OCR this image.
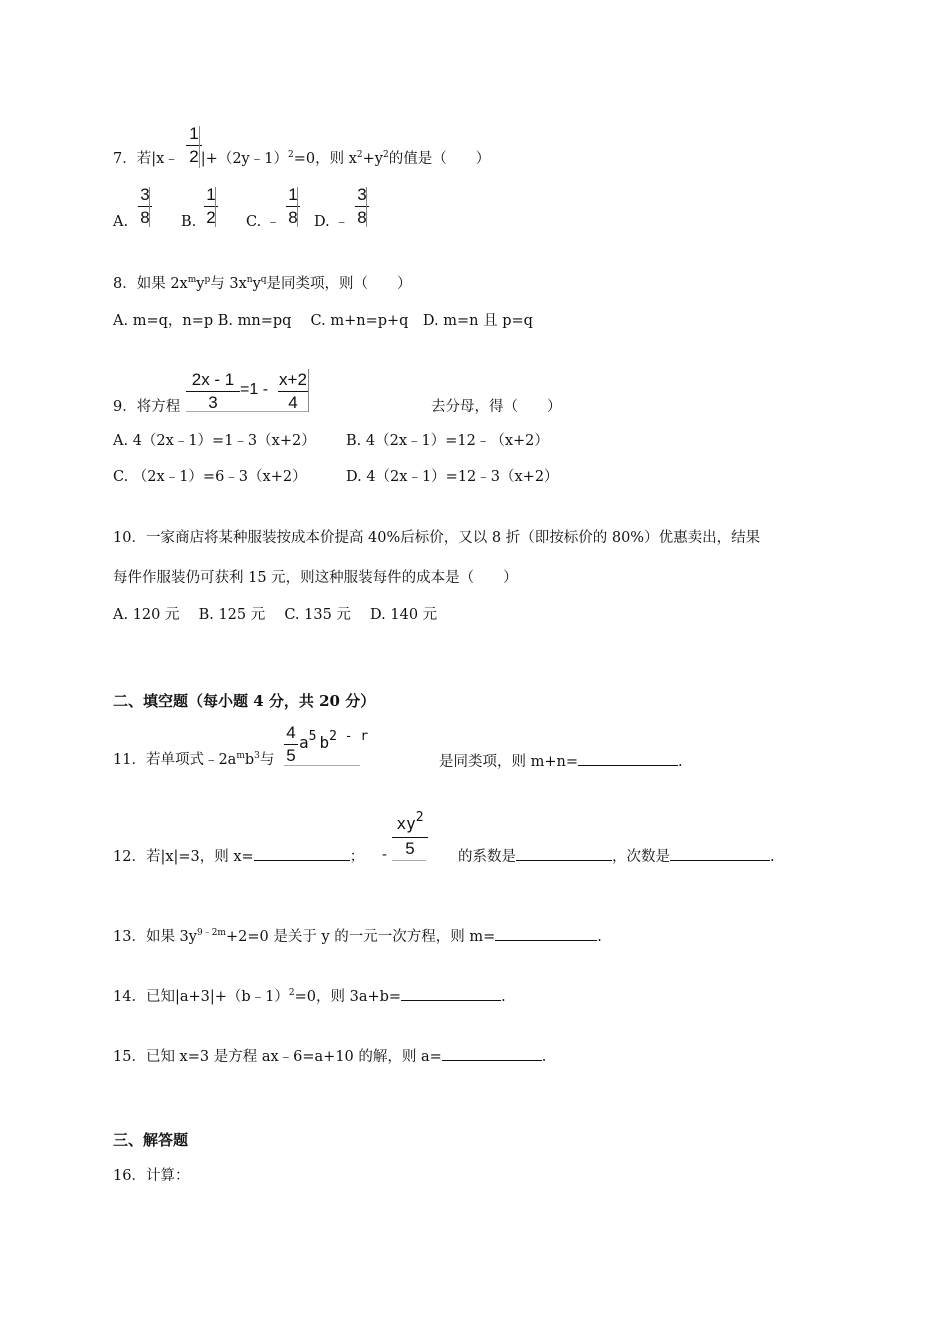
1
2
7．若|x﹣ |+（2y﹣1）$^2$=0，则 $x^2+y^2$的值是（　　）
A.
3
8 B.
1
2 C. ﹣
1
8 D. ﹣
3
8
8．如果 $2x^my^p$与 $3x^ny^q$是同类项，则（　　）
A. m=q，n=p B. mn=pq　 C. m+n=p+q　D. m=n 且 p=q
9．将方程
2x - 1
3
=1 -
x+2
4	去分母，得（　　）
A. 4（2x﹣1）=1﹣3（x+2） B. 4（2x﹣1）=12﹣（x+2）
C. （2x﹣1）=6﹣3（x+2）	D. 4（2x﹣1）=12﹣3（x+2）
10．一家商店将某种服装按成本价提高 40%后标价，又以 8 折（即按标价的 80%）优惠卖出，结果
每件作服装仍可获利 15 元，则这种服装每件的成本是（　　）
A. 120 元　 B. 125 元　 C. 135 元　 D. 140 元
二、填空题（每小题 4 分，共 20 分）
11．若单项式$﹣2a^mb^3$与
4
5
$a^5$ $b^{2 - r}$
是同类项，则 m+n=	.
12．若|x|=3，则 x=	； -
$xy^2$
5	的系数是	，次数是	.
13．如果 $3y^{9﹣2m}+2=0$ 是关于 y 的一元一次方程，则 m=	.
14．已知|a+3|+（b﹣1）$^2$=0，则 3a+b=	.
15．已知 x=3 是方程 ax﹣6=a+10 的解，则 a=	.
三、解答题
16．计算：
